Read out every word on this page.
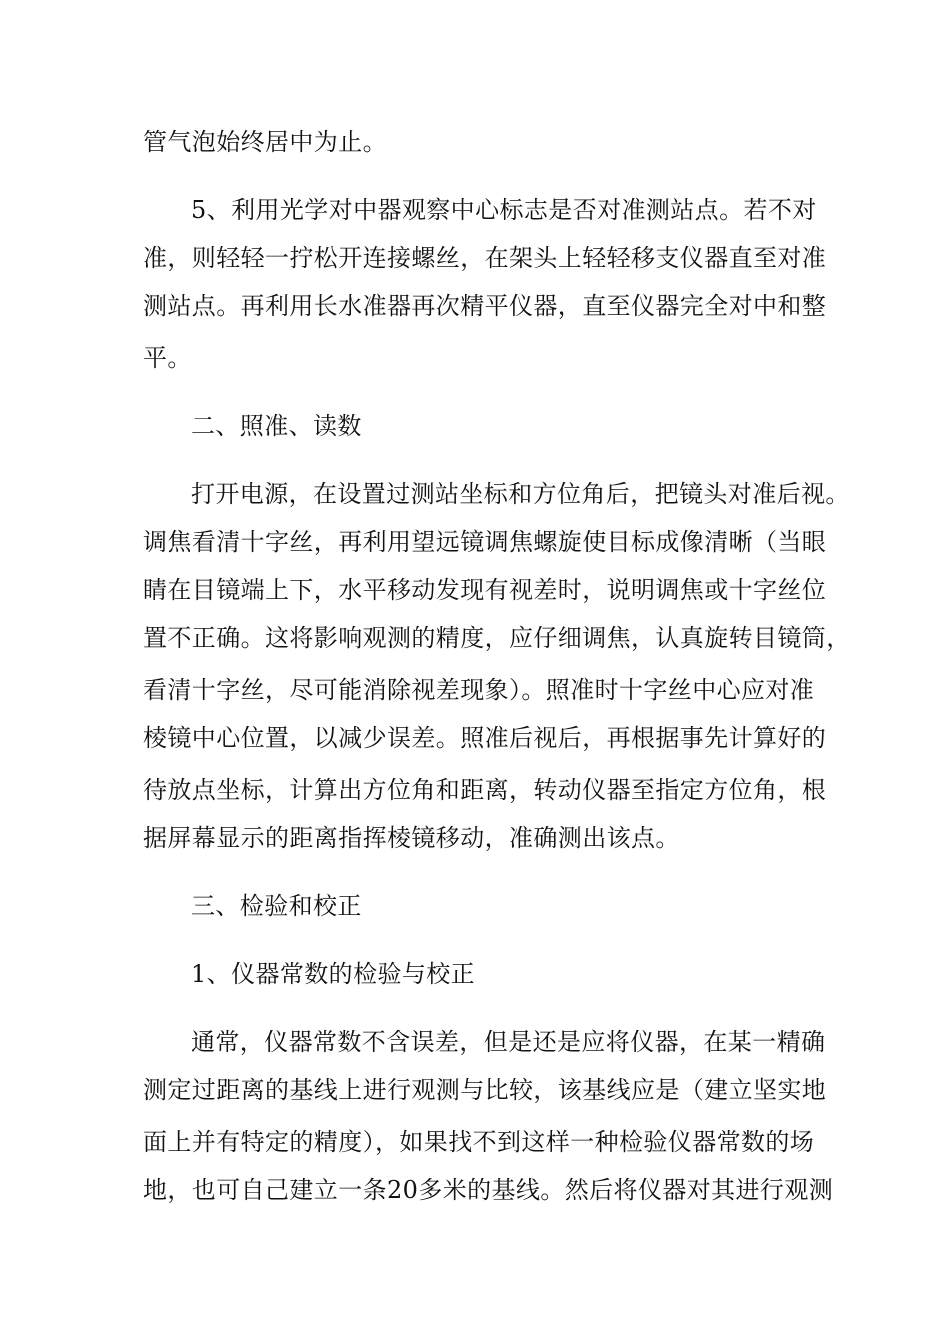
管气泡始终居中为止。
5、利用光学对中器观察中心标志是否对准测站点。若不对
准，则轻轻一拧松开连接螺丝，在架头上轻轻移支仪器直至对准
测站点。再利用长水准器再次精平仪器，直至仪器完全对中和整
平。
二、照准、读数
打开电源，在设置过测站坐标和方位角后，把镜头对准后视。
调焦看清十字丝，再利用望远镜调焦螺旋使目标成像清晰（当眼
睛在目镜端上下，水平移动发现有视差时，说明调焦或十字丝位
置不正确。这将影响观测的精度，应仔细调焦，认真旋转目镜筒，
看清十字丝，尽可能消除视差现象）。照准时十字丝中心应对准
棱镜中心位置，以减少误差。照准后视后，再根据事先计算好的
待放点坐标，计算出方位角和距离，转动仪器至指定方位角，根
据屏幕显示的距离指挥棱镜移动，准确测出该点。
三、检验和校正
1、仪器常数的检验与校正
通常，仪器常数不含误差，但是还是应将仪器，在某一精确
测定过距离的基线上进行观测与比较，该基线应是（建立坚实地
面上并有特定的精度），如果找不到这样一种检验仪器常数的场
地，也可自己建立一条20多米的基线。然后将仪器对其进行观测
